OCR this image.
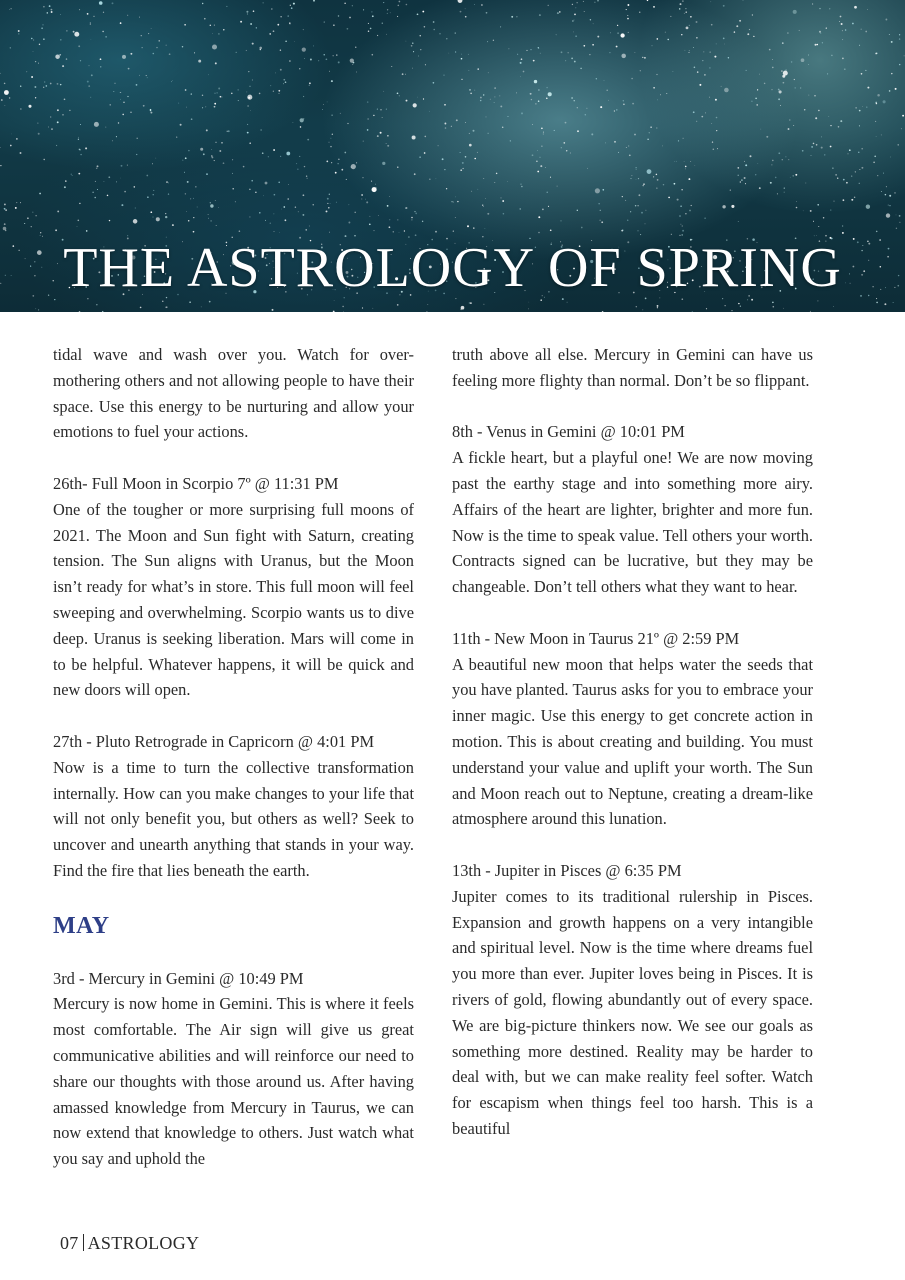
THE ASTROLOGY OF SPRING

tidal wave and wash over you. Watch for over-mothering others and not allowing people to have their space. Use this energy to be nurturing and allow your emotions to fuel your actions.

26th- Full Moon in Scorpio 7º @ 11:31 PM
One of the tougher or more surprising full moons of 2021. The Moon and Sun fight with Saturn, creating tension. The Sun aligns with Uranus, but the Moon isn’t ready for what’s in store. This full moon will feel sweeping and overwhelming. Scorpio wants us to dive deep. Uranus is seeking liberation. Mars will come in to be helpful. Whatever happens, it will be quick and new doors will open.
27th - Pluto Retrograde in Capricorn @ 4:01 PM
Now is a time to turn the collective transformation internally. How can you make changes to your life that will not only benefit you, but others as well? Seek to uncover and unearth anything that stands in your way. Find the fire that lies beneath the earth.
MAY
3rd - Mercury in Gemini @ 10:49 PM
Mercury is now home in Gemini. This is where it feels most comfortable. The Air sign will give us great communicative abilities and will reinforce our need to share our thoughts with those around us. After having amassed knowledge from Mercury in Taurus, we can now extend that knowledge to others. Just watch what you say and uphold the

truth above all else. Mercury in Gemini can have us feeling more flighty than normal. Don’t be so flippant.

8th - Venus in Gemini @ 10:01 PM
A fickle heart, but a playful one! We are now moving past the earthy stage and into something more airy. Affairs of the heart are lighter, brighter and more fun. Now is the time to speak value. Tell others your worth. Contracts signed can be lucrative, but they may be changeable. Don’t tell others what they want to hear.
11th - New Moon in Taurus 21º @ 2:59 PM
A beautiful new moon that helps water the seeds that you have planted. Taurus asks for you to embrace your inner magic. Use this energy to get concrete action in motion. This is about creating and building. You must understand your value and uplift your worth. The Sun and Moon reach out to Neptune, creating a dream-like atmosphere around this lunation.
13th - Jupiter in Pisces @ 6:35 PM
Jupiter comes to its traditional rulership in Pisces. Expansion and growth happens on a very intangible and spiritual level. Now is the time where dreams fuel you more than ever. Jupiter loves being in Pisces. It is rivers of gold, flowing abundantly out of every space. We are big-picture thinkers now. We see our goals as something more destined. Reality may be harder to deal with, but we can make reality feel softer. Watch for escapism when things feel too harsh. This is a beautiful
07 ASTROLOGY
